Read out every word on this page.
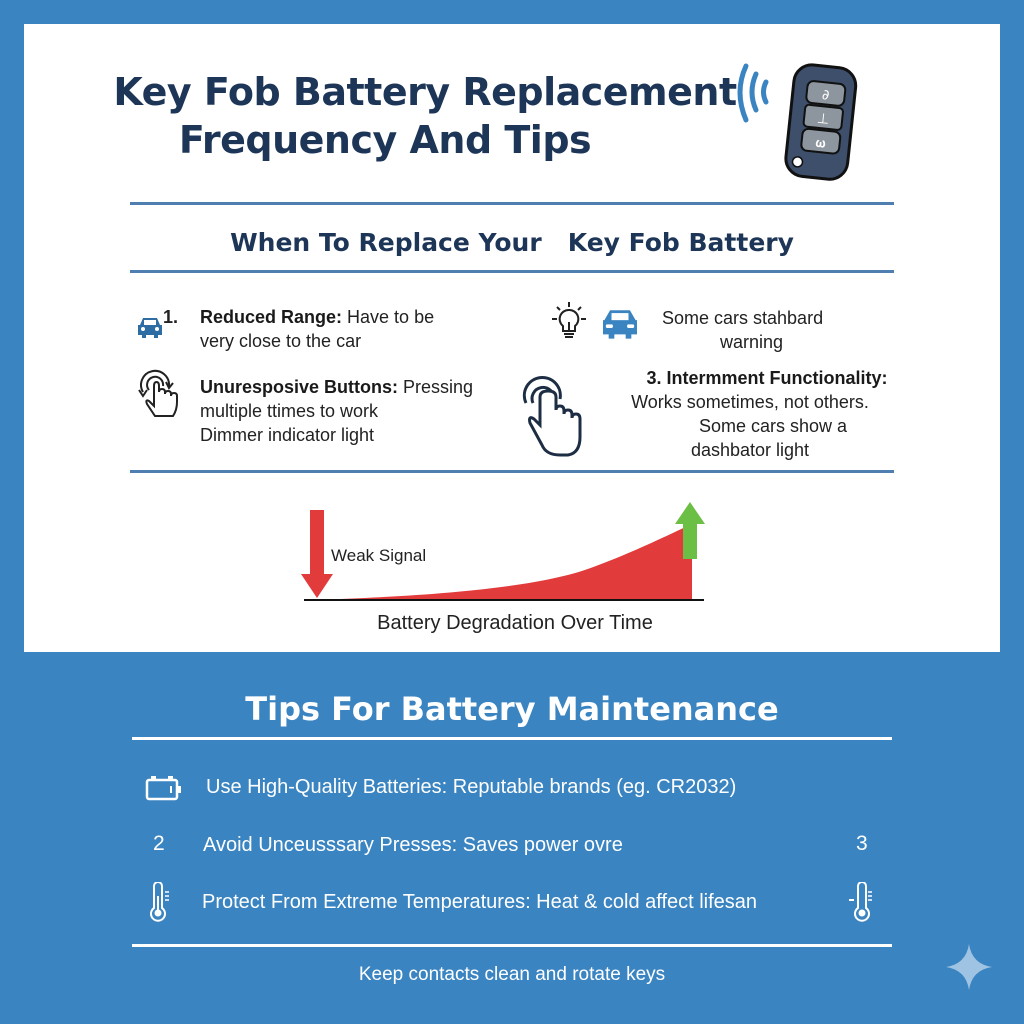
Key Fob Battery Replacement
Frequency And Tips
∂
⊥
𝛚
When To Replace Your   Key Fob Battery
1. Reduced Range: Have to be
very close to the car
Unuresposive Buttons: Pressing
multiple ttimes to work
Dimmer indicator light
Some cars stahbard
warning
3. Intermment Functionality:
Works sometimes, not others.
Some cars show a
dashbator light
Weak Signal
Battery Degradation Over Time
Tips For Battery Maintenance
Use High-Quality Batteries: Reputable brands (eg. CR2032)
2 Avoid Unceusssary Presses: Saves power ovre	3
Protect From Extreme Temperatures: Heat & cold affect lifesan
Keep contacts clean and rotate keys
